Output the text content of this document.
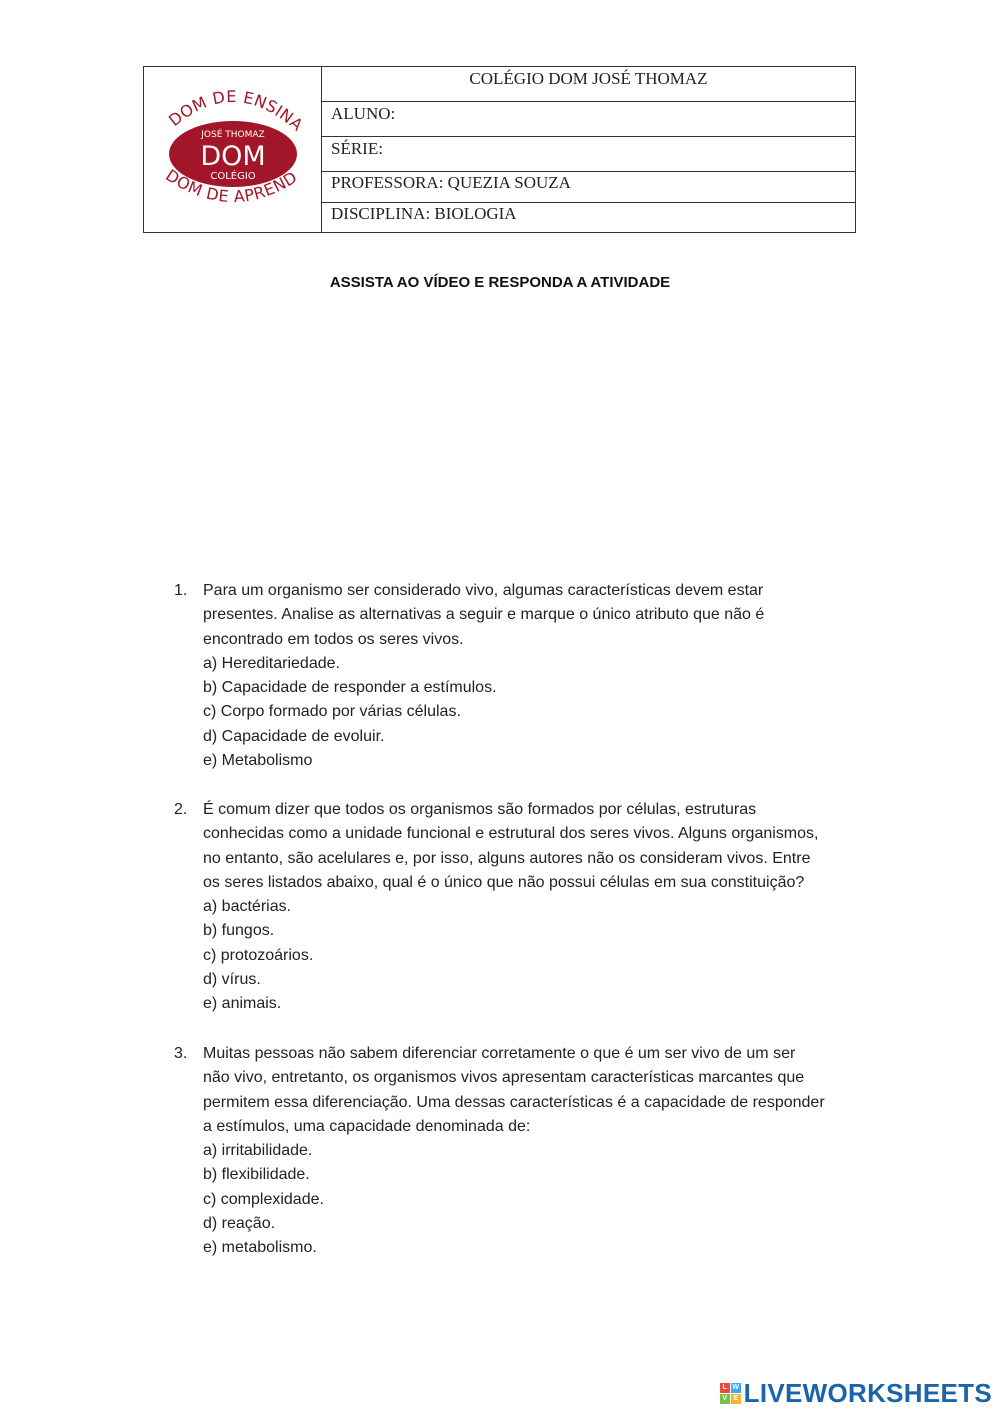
DOM DE ENSINA
DOM DE APREND
JOSÉ THOMAZ
DOM
COLÉGIO
COLÉGIO DOM JOSÉ THOMAZ
ALUNO:
SÉRIE:
PROFESSORA: QUEZIA SOUZA
DISCIPLINA: BIOLOGIA
ASSISTA AO VÍDEO E RESPONDA A ATIVIDADE
1. Para um organismo ser considerado vivo, algumas características devem estar
presentes. Analise as alternativas a seguir e marque o único atributo que não é
encontrado em todos os seres vivos.
a) Hereditariedade.
b) Capacidade de responder a estímulos.
c) Corpo formado por várias células.
d) Capacidade de evoluir.
e) Metabolismo
2. É comum dizer que todos os organismos são formados por células, estruturas
conhecidas como a unidade funcional e estrutural dos seres vivos. Alguns organismos,
no entanto, são acelulares e, por isso, alguns autores não os consideram vivos. Entre
os seres listados abaixo, qual é o único que não possui células em sua constituição?
a) bactérias.
b) fungos.
c) protozoários.
d) vírus.
e) animais.
3. Muitas pessoas não sabem diferenciar corretamente o que é um ser vivo de um ser
não vivo, entretanto, os organismos vivos apresentam características marcantes que
permitem essa diferenciação. Uma dessas características é a capacidade de responder
a estímulos, uma capacidade denominada de:
a) irritabilidade.
b) flexibilidade.
c) complexidade.
d) reação.
e) metabolismo.
L W
V E LIVEWORKSHEETS
